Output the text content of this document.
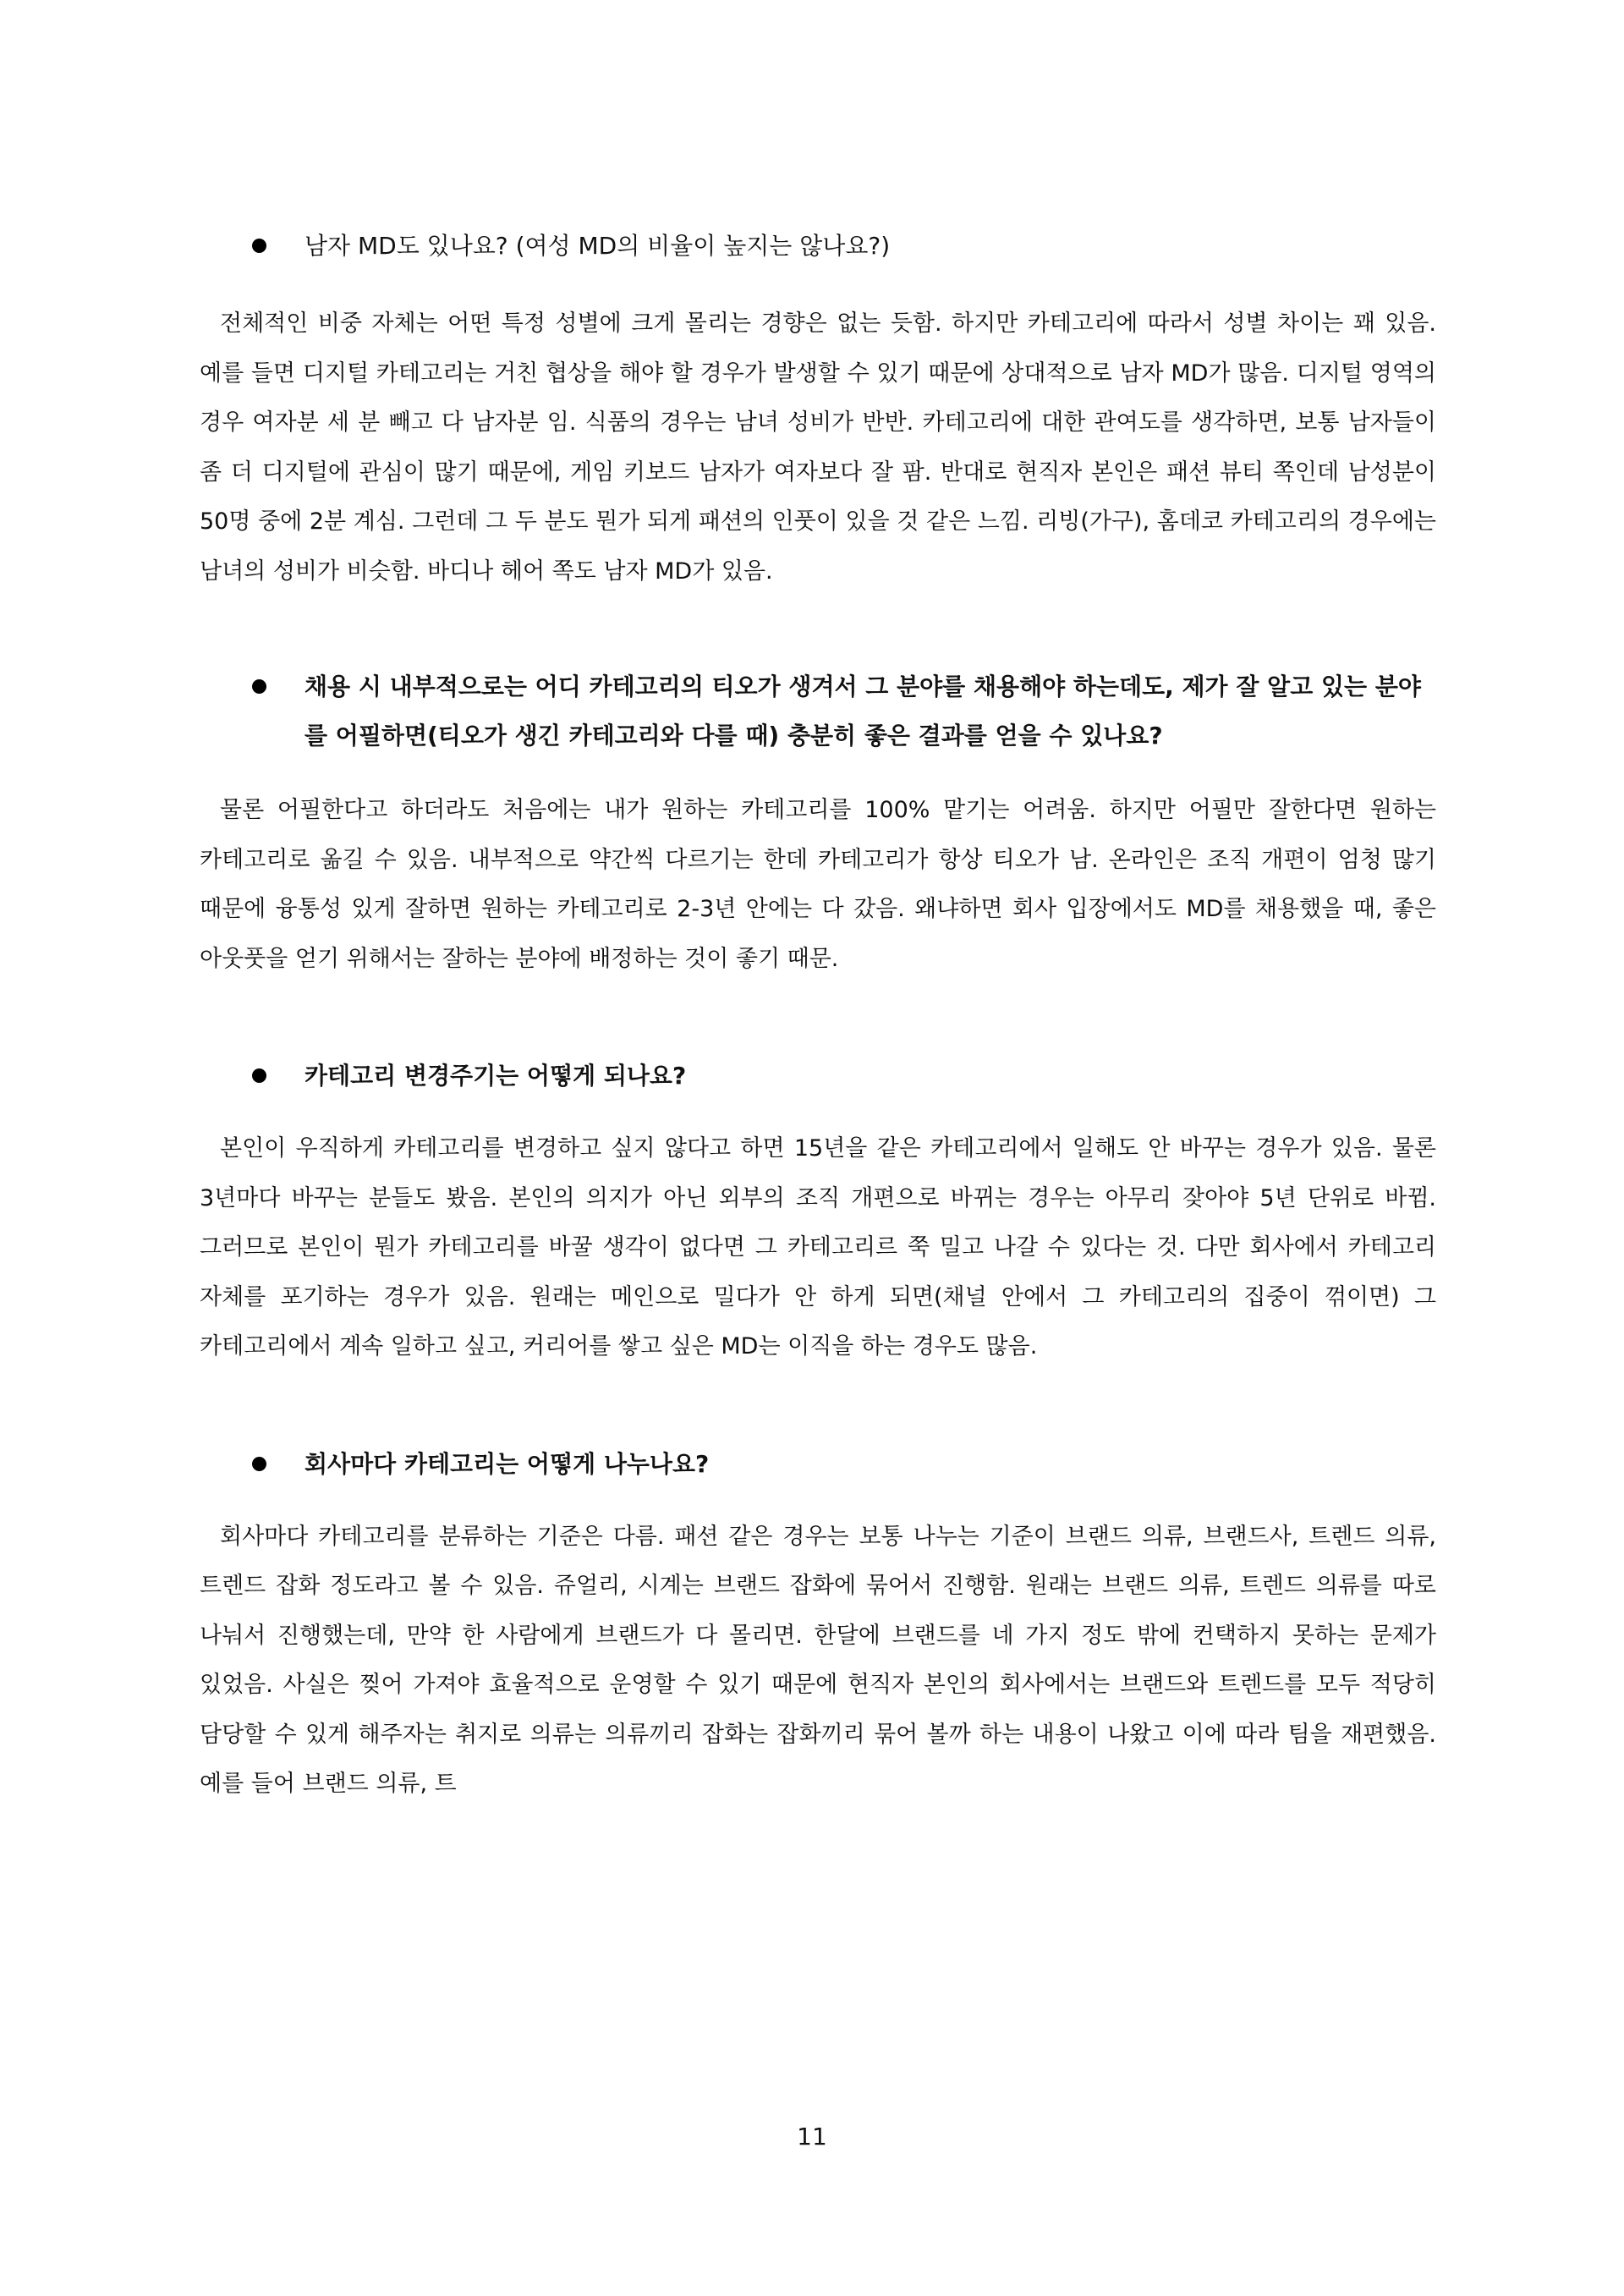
남자 MD도 있나요? (여성 MD의 비율이 높지는 않나요?)

전체적인 비중 자체는 어떤 특정 성별에 크게 몰리는 경향은 없는 듯함. 하지만 카테고리에 따라서 성별 차이는 꽤 있음. 예를 들면 디지털 카테고리는 거친 협상을 해야 할 경우가 발생할 수 있기 때문에 상대적으로 남자 MD가 많음. 디지털 영역의 경우 여자분 세 분 빼고 다 남자분 임. 식품의 경우는 남녀 성비가 반반. 카테고리에 대한 관여도를 생각하면, 보통 남자들이 좀 더 디지털에 관심이 많기 때문에, 게임 키보드 남자가 여자보다 잘 팜. 반대로 현직자 본인은 패션 뷰티 쪽인데 남성분이 50명 중에 2분 계심. 그런데 그 두 분도 뭔가 되게 패션의 인풋이 있을 것 같은 느낌. 리빙(가구), 홈데코 카테고리의 경우에는 남녀의 성비가 비슷함. 바디나 헤어 쪽도 남자 MD가 있음.

채용 시 내부적으로는 어디 카테고리의 티오가 생겨서 그 분야를 채용해야 하는데도, 제가 잘 알고 있는 분야를 어필하면(티오가 생긴 카테고리와 다를 때) 충분히 좋은 결과를 얻을 수 있나요?

물론 어필한다고 하더라도 처음에는 내가 원하는 카테고리를 100% 맡기는 어려움. 하지만 어필만 잘한다면 원하는 카테고리로 옮길 수 있음. 내부적으로 약간씩 다르기는 한데 카테고리가 항상 티오가 남. 온라인은 조직 개편이 엄청 많기 때문에 융통성 있게 잘하면 원하는 카테고리로 2-3년 안에는 다 갔음. 왜냐하면 회사 입장에서도 MD를 채용했을 때, 좋은 아웃풋을 얻기 위해서는 잘하는 분야에 배정하는 것이 좋기 때문.

카테고리 변경주기는 어떻게 되나요?

본인이 우직하게 카테고리를 변경하고 싶지 않다고 하면 15년을 같은 카테고리에서 일해도 안 바꾸는 경우가 있음. 물론 3년마다 바꾸는 분들도 봤음. 본인의 의지가 아닌 외부의 조직 개편으로 바뀌는 경우는 아무리 잦아야 5년 단위로 바뀜. 그러므로 본인이 뭔가 카테고리를 바꿀 생각이 없다면 그 카테고리르 쭉 밀고 나갈 수 있다는 것. 다만 회사에서 카테고리 자체를 포기하는 경우가 있음. 원래는 메인으로 밀다가 안 하게 되면(채널 안에서 그 카테고리의 집중이 꺾이면) 그 카테고리에서 계속 일하고 싶고, 커리어를 쌓고 싶은 MD는 이직을 하는 경우도 많음.

회사마다 카테고리는 어떻게 나누나요?

회사마다 카테고리를 분류하는 기준은 다름. 패션 같은 경우는 보통 나누는 기준이 브랜드 의류, 브랜드사, 트렌드 의류, 트렌드 잡화 정도라고 볼 수 있음. 쥬얼리, 시계는 브랜드 잡화에 묶어서 진행함. 원래는 브랜드 의류, 트렌드 의류를 따로 나눠서 진행했는데, 만약 한 사람에게 브랜드가 다 몰리면. 한달에 브랜드를 네 가지 정도 밖에 컨택하지 못하는 문제가 있었음. 사실은 찢어 가져야 효율적으로 운영할 수 있기 때문에 현직자 본인의 회사에서는 브랜드와 트렌드를 모두 적당히 담당할 수 있게 해주자는 취지로 의류는 의류끼리 잡화는 잡화끼리 묶어 볼까 하는 내용이 나왔고 이에 따라 팀을 재편했음. 예를 들어 브랜드 의류, 트

11
